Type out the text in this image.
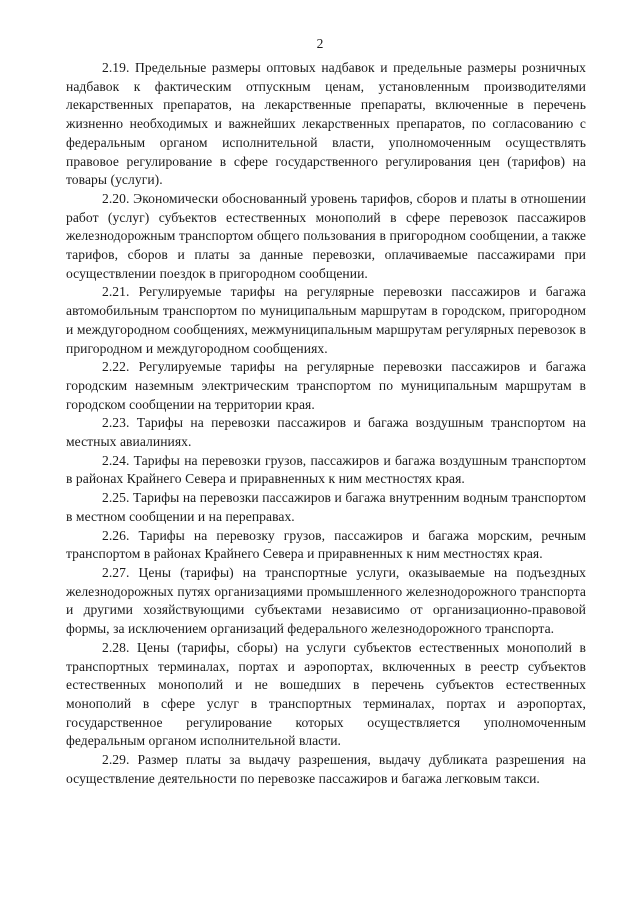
2

2.19. Предельные размеры оптовых надбавок и предельные размеры розничных надбавок к фактическим отпускным ценам, установленным производителями лекарственных препаратов, на лекарственные препараты, включенные в перечень жизненно необходимых и важнейших лекарственных препаратов, по согласованию с федеральным органом исполнительной власти, уполномоченным осуществлять правовое регулирование в сфере государственного регулирования цен (тарифов) на товары (услуги).

2.20. Экономически обоснованный уровень тарифов, сборов и платы в отношении работ (услуг) субъектов естественных монополий в сфере перевозок пассажиров железнодорожным транспортом общего пользования в пригородном сообщении, а также тарифов, сборов и платы за данные перевозки, оплачиваемые пассажирами при осуществлении поездок в пригородном сообщении.

2.21. Регулируемые тарифы на регулярные перевозки пассажиров и багажа автомобильным транспортом по муниципальным маршрутам в городском, пригородном и междугородном сообщениях, межмуниципальным маршрутам регулярных перевозок в пригородном и междугородном сообщениях.

2.22. Регулируемые тарифы на регулярные перевозки пассажиров и багажа городским наземным электрическим транспортом по муниципальным маршрутам в городском сообщении на территории края.

2.23. Тарифы на перевозки пассажиров и багажа воздушным транспортом на местных авиалиниях.

2.24. Тарифы на перевозки грузов, пассажиров и багажа воздушным транспортом в районах Крайнего Севера и приравненных к ним местностях края.

2.25. Тарифы на перевозки пассажиров и багажа внутренним водным транспортом в местном сообщении и на переправах.

2.26. Тарифы на перевозку грузов, пассажиров и багажа морским, речным транспортом в районах Крайнего Севера и приравненных к ним местностях края.

2.27. Цены (тарифы) на транспортные услуги, оказываемые на подъездных железнодорожных путях организациями промышленного железнодорожного транспорта и другими хозяйствующими субъектами независимо от организационно-правовой формы, за исключением организаций федерального железнодорожного транспорта.

2.28. Цены (тарифы, сборы) на услуги субъектов естественных монополий в транспортных терминалах, портах и аэропортах, включенных в реестр субъектов естественных монополий и не вошедших в перечень субъектов естественных монополий в сфере услуг в транспортных терминалах, портах и аэропортах, государственное регулирование которых осуществляется уполномоченным федеральным органом исполнительной власти.

2.29. Размер платы за выдачу разрешения, выдачу дубликата разрешения на осуществление деятельности по перевозке пассажиров и багажа легковым такси.
